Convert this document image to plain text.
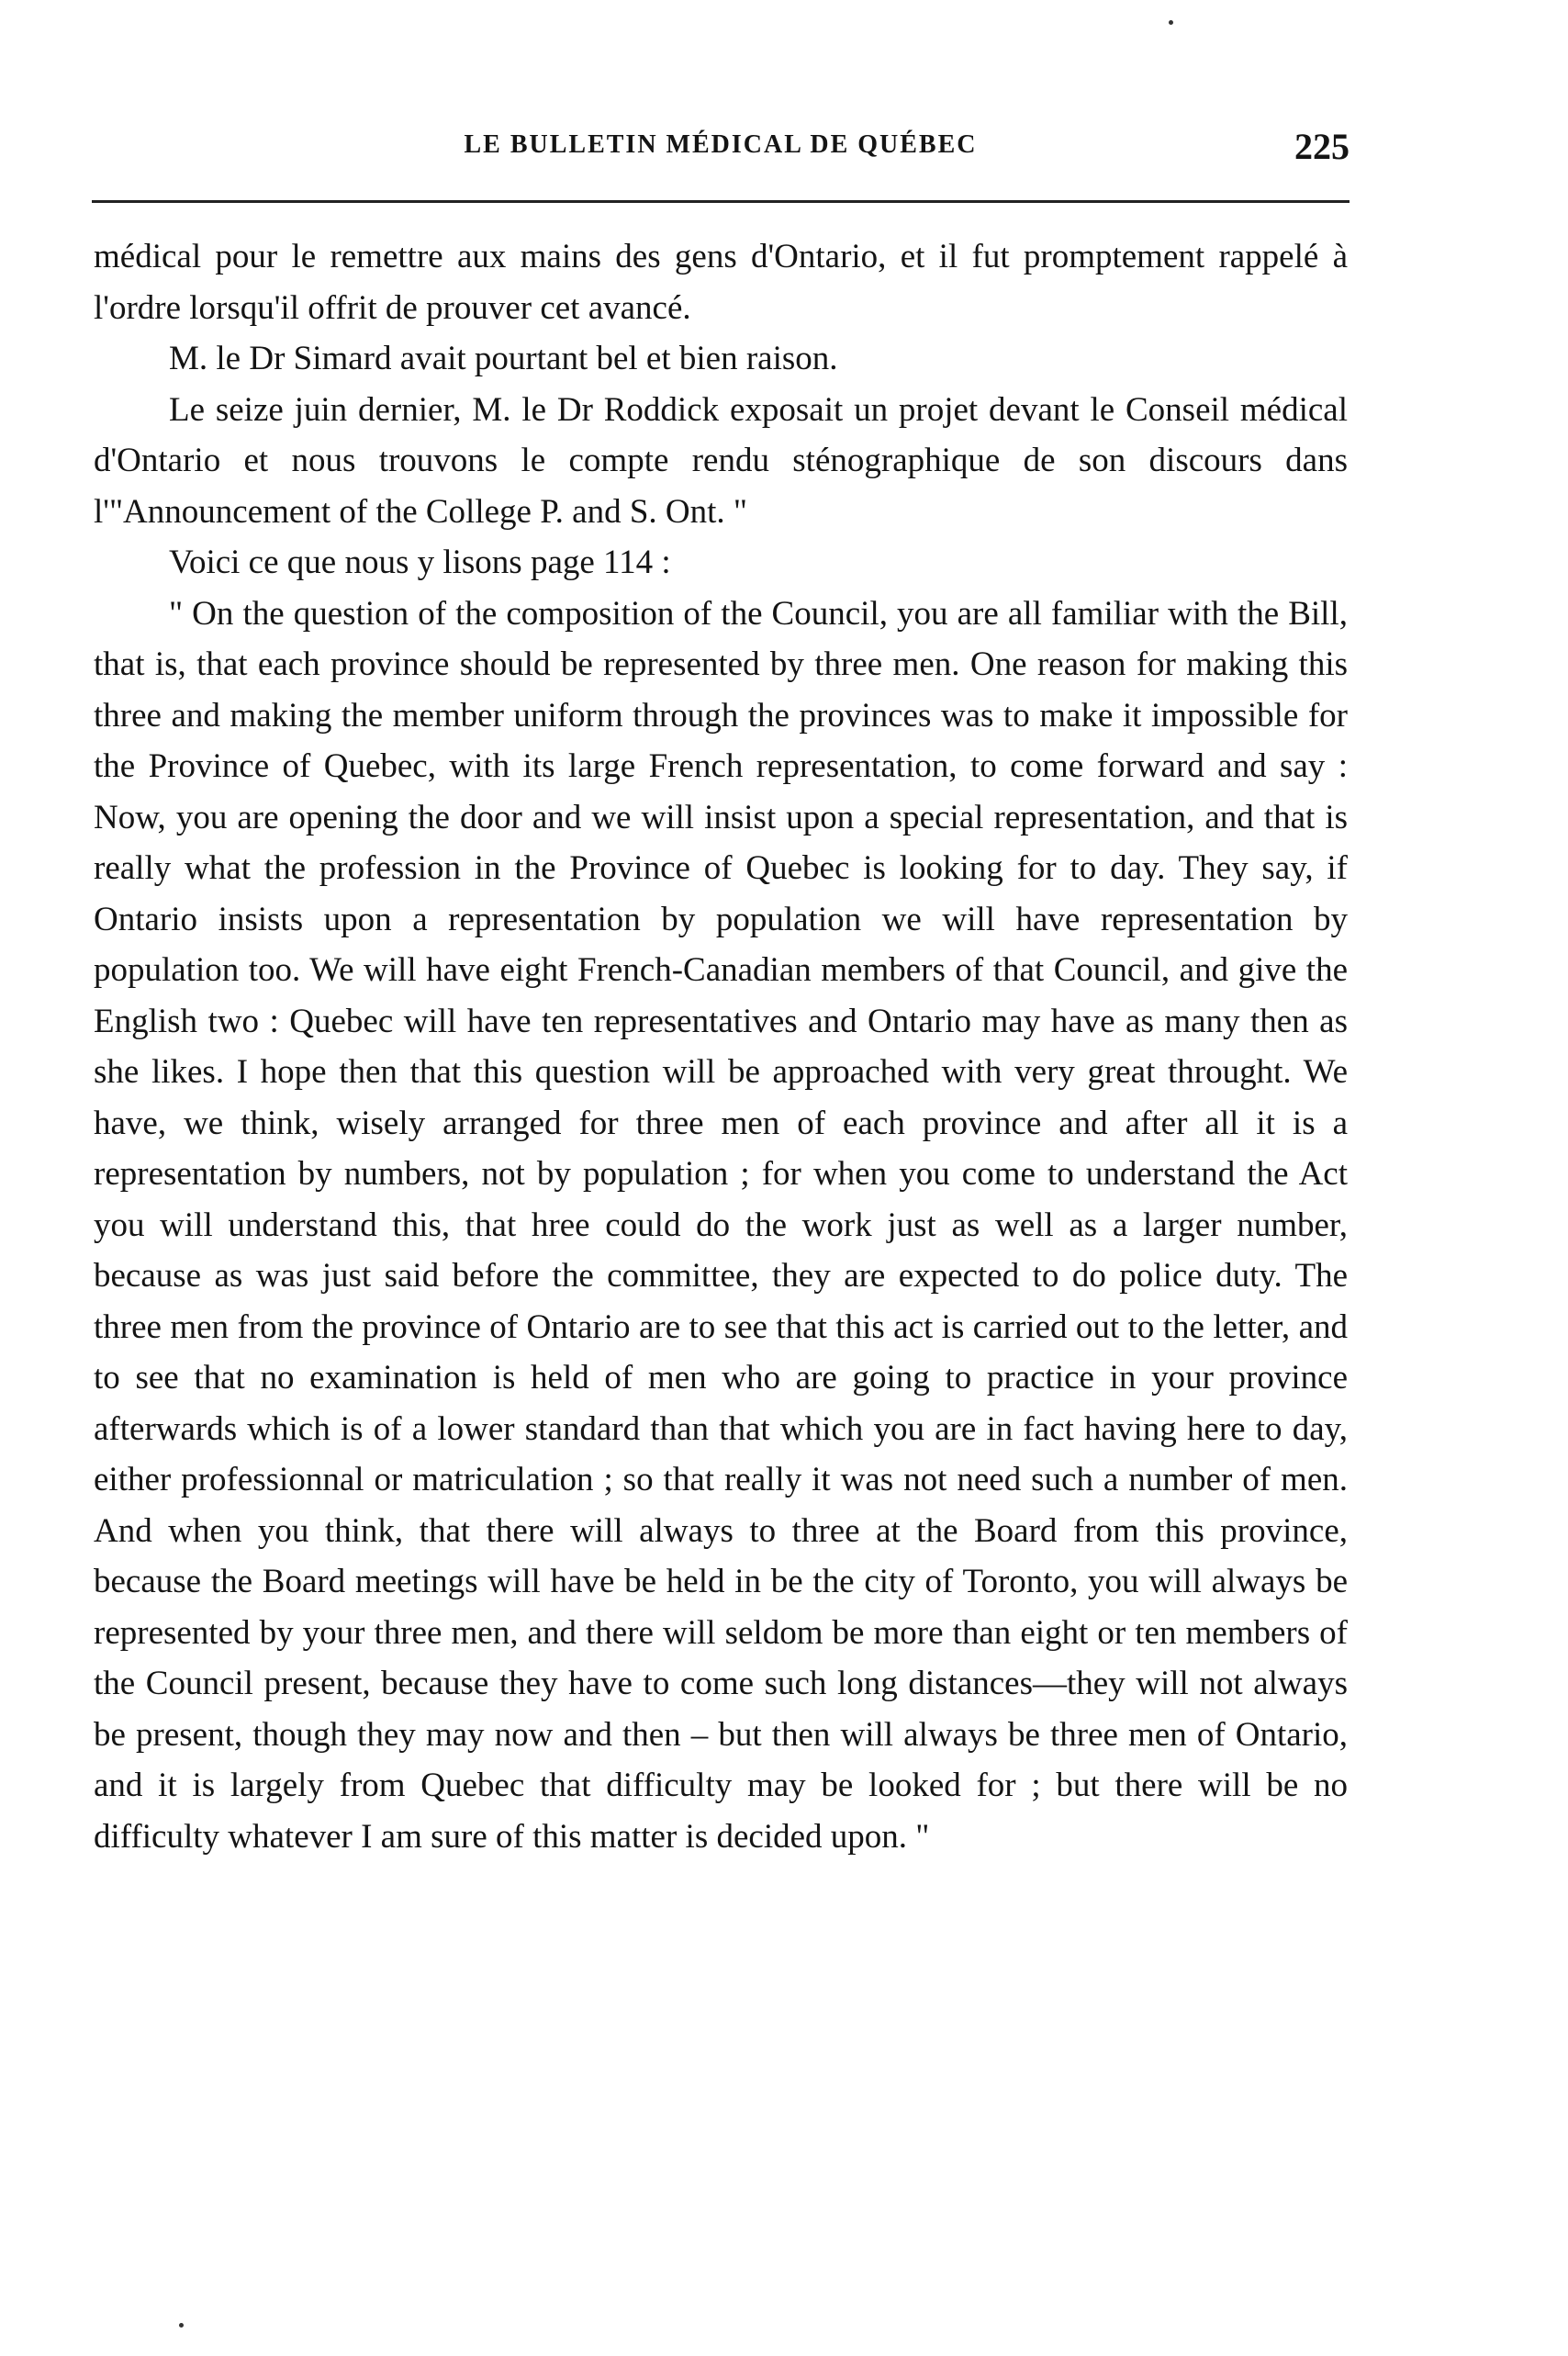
LE BULLETIN MÉDICAL DE QUÉBEC	225

médical pour le remettre aux mains des gens d'Ontario, et il fut promptement rappelé à l'ordre lorsqu'il offrit de prouver cet avancé.

M. le Dr Simard avait pourtant bel et bien raison.

Le seize juin dernier, M. le Dr Roddick exposait un projet devant le Conseil médical d'Ontario et nous trouvons le compte rendu sténographique de son discours dans l'"Announcement of the College P. and S. Ont. "

Voici ce que nous y lisons page 114 :

" On the question of the composition of the Council, you are all familiar with the Bill, that is, that each province should be represented by three men. One reason for making this three and making the member uniform through the provinces was to make it impossible for the Province of Quebec, with its large French representation, to come forward and say : Now, you are opening the door and we will insist upon a special representation, and that is really what the profession in the Province of Quebec is looking for to day. They say, if Ontario insists upon a representation by population we will have representation by population too. We will have eight French-Canadian members of that Council, and give the English two : Quebec will have ten representatives and Ontario may have as many then as she likes. I hope then that this question will be approached with very great throught. We have, we think, wisely arranged for three men of each province and after all it is a representation by numbers, not by population ; for when you come to understand the Act you will understand this, that hree could do the work just as well as a larger number, because as was just said before the committee, they are expected to do police duty. The three men from the province of Ontario are to see that this act is carried out to the letter, and to see that no examination is held of men who are going to practice in your province afterwards which is of a lower standard than that which you are in fact having here to day, either professionnal or matriculation ; so that really it was not need such a number of men. And when you think, that there will always to three at the Board from this province, because the Board meetings will have be held in be the city of Toronto, you will always be represented by your three men, and there will seldom be more than eight or ten members of the Council present, because they have to come such long distances—they will not always be present, though they may now and then – but then will always be three men of Ontario, and it is largely from Quebec that difficulty may be looked for ; but there will be no difficulty whatever I am sure of this matter is decided upon. "
